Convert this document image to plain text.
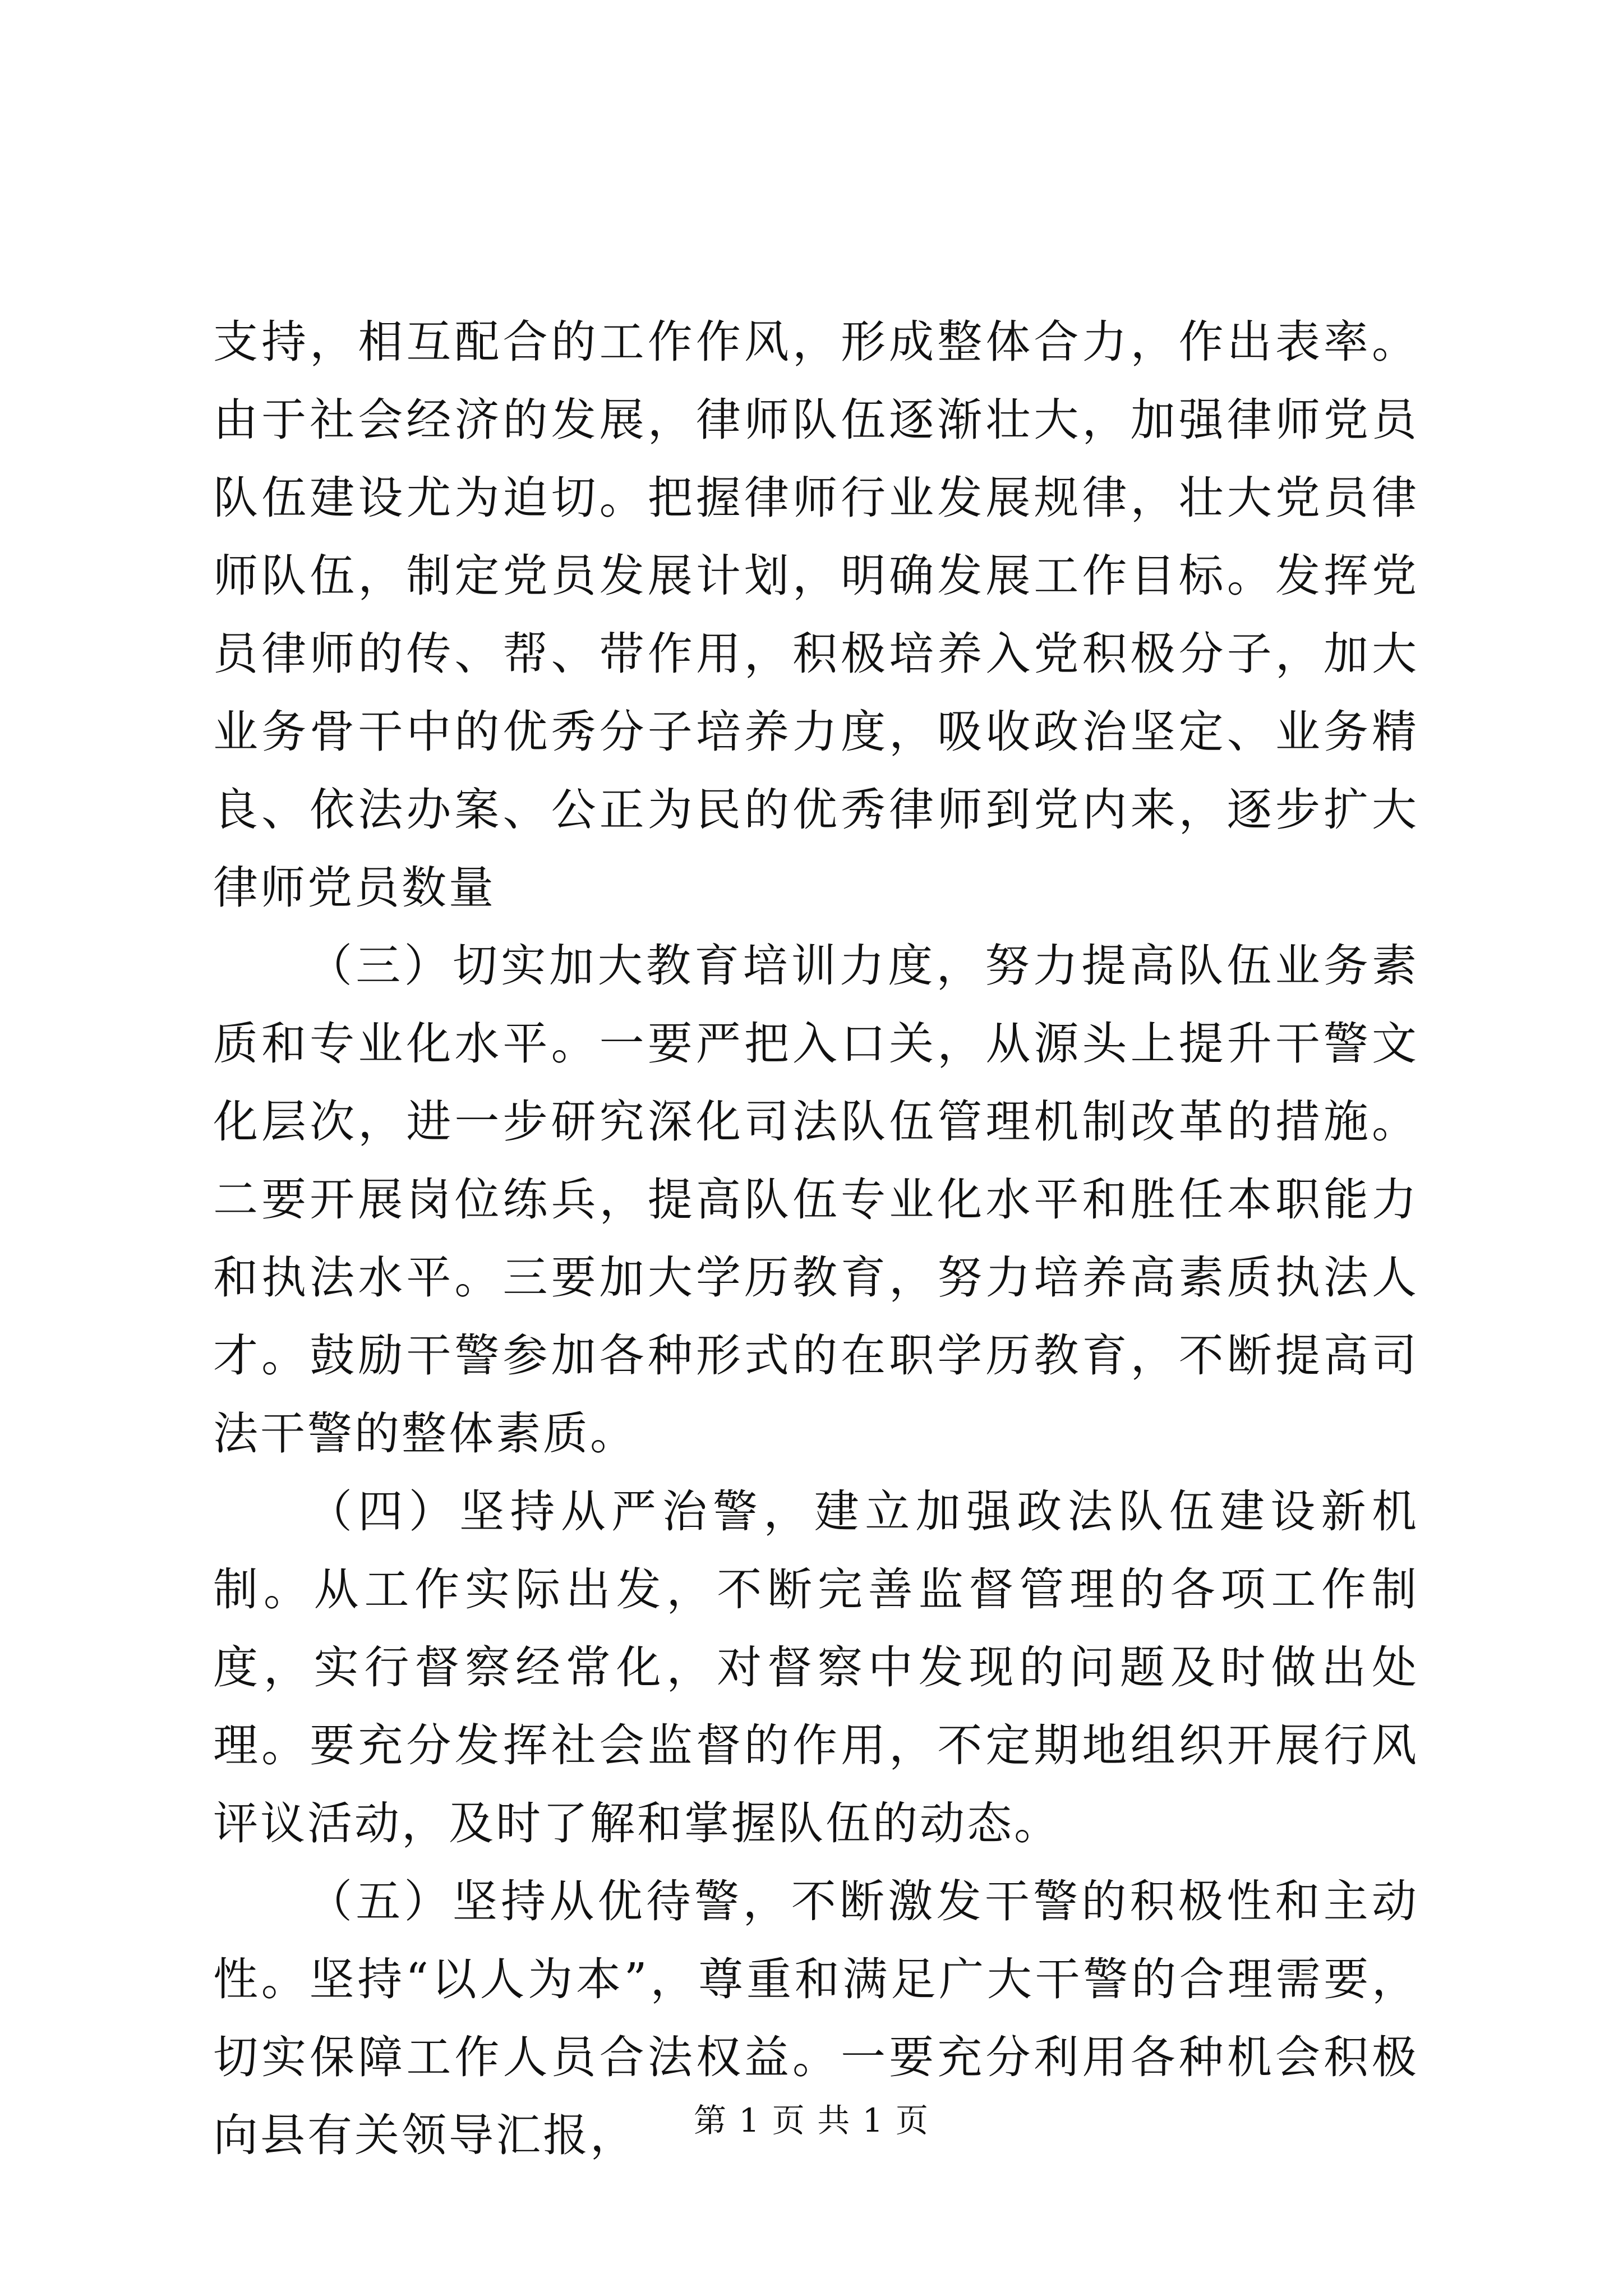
支持，相互配合的工作作风，形成整体合力，作出表率。由于社会经济的发展，律师队伍逐渐壮大，加强律师党员队伍建设尤为迫切。把握律师行业发展规律，壮大党员律师队伍，制定党员发展计划，明确发展工作目标。发挥党员律师的传、帮、带作用，积极培养入党积极分子，加大业务骨干中的优秀分子培养力度，吸收政治坚定、业务精良、依法办案、公正为民的优秀律师到党内来，逐步扩大律师党员数量

（三）切实加大教育培训力度，努力提高队伍业务素质和专业化水平。一要严把入口关，从源头上提升干警文化层次，进一步研究深化司法队伍管理机制改革的措施。二要开展岗位练兵，提高队伍专业化水平和胜任本职能力和执法水平。三要加大学历教育，努力培养高素质执法人才。鼓励干警参加各种形式的在职学历教育，不断提高司法干警的整体素质。

（四）坚持从严治警，建立加强政法队伍建设新机制。从工作实际出发，不断完善监督管理的各项工作制度，实行督察经常化，对督察中发现的问题及时做出处理。要充分发挥社会监督的作用，不定期地组织开展行风评议活动，及时了解和掌握队伍的动态。

（五）坚持从优待警，不断激发干警的积极性和主动性。坚持“以人为本”，尊重和满足广大干警的合理需要，切实保障工作人员合法权益。一要充分利用各种机会积极向县有关领导汇报，	第 1 页 共 1 页
